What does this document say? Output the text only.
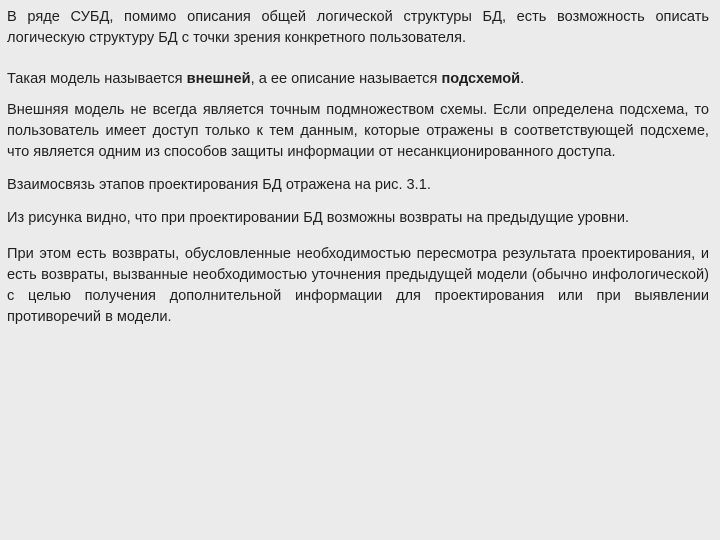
В ряде СУБД, помимо описания общей логической структуры БД, есть возможность описать логическую структуру БД с точки зрения конкретного пользователя.

Такая модель называется внешней, а ее описание называется подсхемой.

Внешняя модель не всегда является точным подмножеством схемы. Если определена подсхема, то пользователь имеет доступ только к тем данным, которые отражены в соответствующей подсхеме, что является одним из способов защиты информации от несанкционированного доступа.

Взаимосвязь этапов проектирования БД отражена на рис. 3.1.

Из рисунка видно, что при проектировании БД возможны возвраты на предыдущие уровни.

При этом есть возвраты, обусловленные необходимостью пересмотра результата проектирования, и есть возвраты, вызванные необходимостью уточнения предыдущей модели (обычно инфологической) с целью получения дополнительной информации для проектирования или при выявлении противоречий в модели.
